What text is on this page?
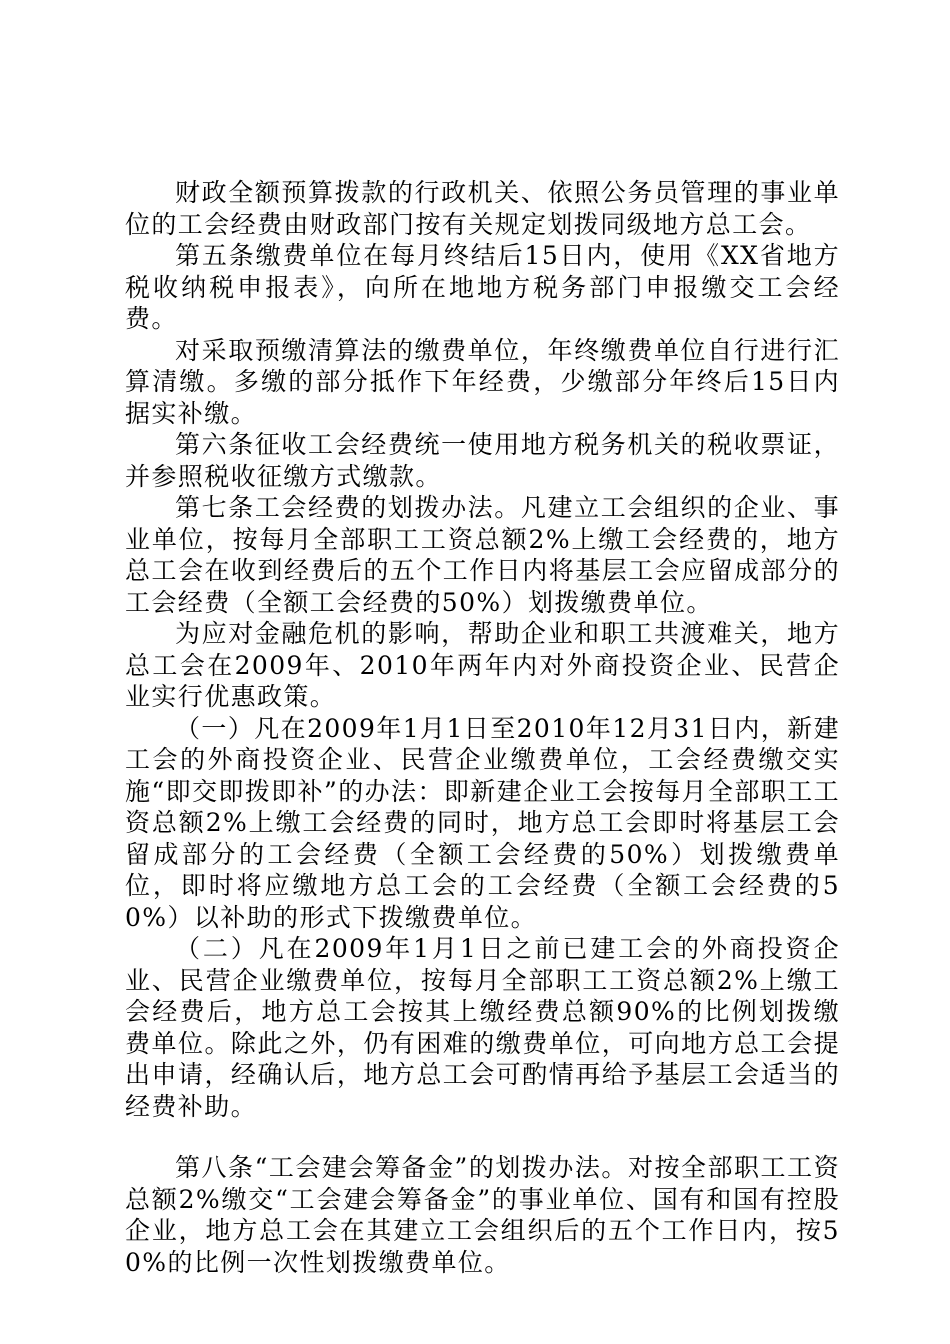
财政全额预算拨款的行政机关、依照公务员管理的事业单位的工会经费由财政部门按有关规定划拨同级地方总工会。

第五条缴费单位在每月终结后15日内，使用《XX省地方税收纳税申报表》，向所在地地方税务部门申报缴交工会经费。

对采取预缴清算法的缴费单位，年终缴费单位自行进行汇算清缴。多缴的部分抵作下年经费，少缴部分年终后15日内据实补缴。

第六条征收工会经费统一使用地方税务机关的税收票证，并参照税收征缴方式缴款。

第七条工会经费的划拨办法。凡建立工会组织的企业、事业单位，按每月全部职工工资总额2%上缴工会经费的，地方总工会在收到经费后的五个工作日内将基层工会应留成部分的工会经费（全额工会经费的50%）划拨缴费单位。

为应对金融危机的影响，帮助企业和职工共渡难关，地方总工会在2009年、2010年两年内对外商投资企业、民营企业实行优惠政策。

（一）凡在2009年1月1日至2010年12月31日内，新建工会的外商投资企业、民营企业缴费单位，工会经费缴交实施“即交即拨即补”的办法：即新建企业工会按每月全部职工工资总额2%上缴工会经费的同时，地方总工会即时将基层工会留成部分的工会经费（全额工会经费的50%）划拨缴费单位，即时将应缴地方总工会的工会经费（全额工会经费的50%）以补助的形式下拨缴费单位。

（二）凡在2009年1月1日之前已建工会的外商投资企业、民营企业缴费单位，按每月全部职工工资总额2%上缴工会经费后，地方总工会按其上缴经费总额90%的比例划拨缴费单位。除此之外，仍有困难的缴费单位，可向地方总工会提出申请，经确认后，地方总工会可酌情再给予基层工会适当的经费补助。

第八条“工会建会筹备金”的划拨办法。对按全部职工工资总额2%缴交“工会建会筹备金”的事业单位、国有和国有控股企业，地方总工会在其建立工会组织后的五个工作日内，按50%的比例一次性划拨缴费单位。
